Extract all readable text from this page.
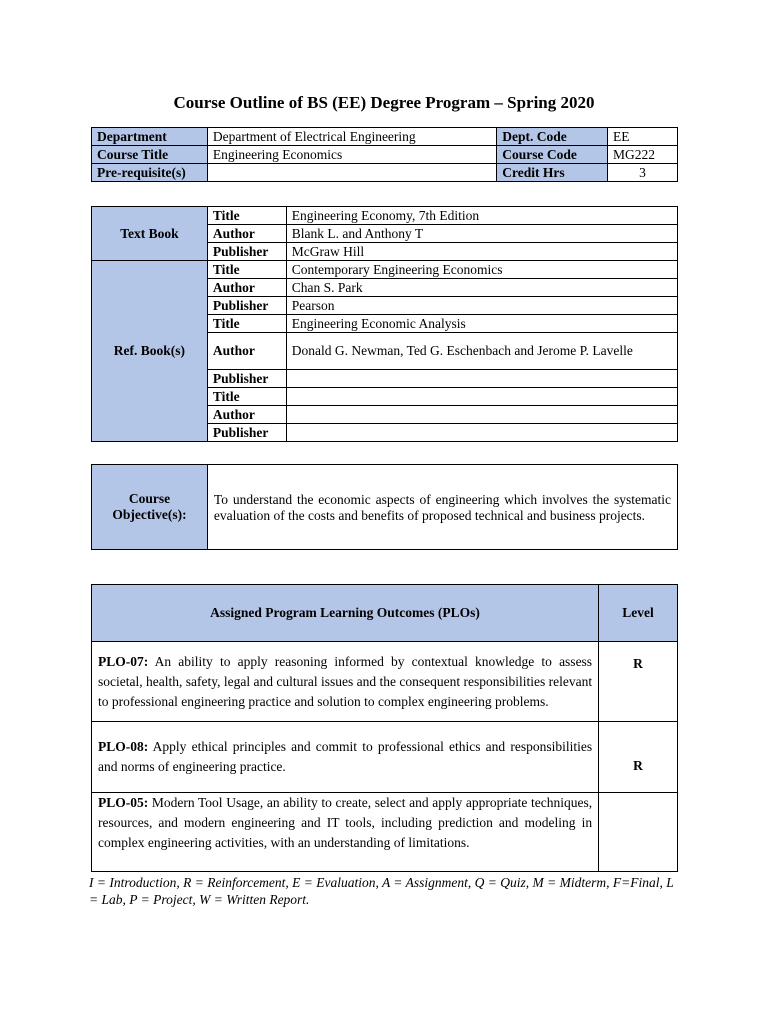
Course Outline of BS (EE) Degree Program – Spring 2020
Department	Department of Electrical Engineering	Dept. Code	EE
Course Title	Engineering Economics	Course Code	MG222
Pre-requisite(s)		Credit Hrs	3
Text Book	Title	Engineering Economy, 7th Edition
	Author	Blank L. and Anthony T
	Publisher	McGraw Hill
Ref. Book(s)	Title	Contemporary Engineering Economics
	Author	Chan S. Park
	Publisher	Pearson
	Title	Engineering Economic Analysis
	Author	Donald G. Newman, Ted G. Eschenbach and Jerome P. Lavelle
	Publisher	
	Title	
	Author	
	Publisher	
Course Objective(s):	To understand the economic aspects of engineering which involves the systematic evaluation of the costs and benefits of proposed technical and business projects.
Assigned Program Learning Outcomes (PLOs)	Level
PLO-07: An ability to apply reasoning informed by contextual knowledge to assess societal, health, safety, legal and cultural issues and the consequent responsibilities relevant to professional engineering practice and solution to complex engineering problems.	R
PLO-08: Apply ethical principles and commit to professional ethics and responsibilities and norms of engineering practice.	R
PLO-05: Modern Tool Usage, an ability to create, select and apply appropriate techniques, resources, and modern engineering and IT tools, including prediction and modeling in complex engineering activities, with an understanding of limitations.	

I = Introduction, R = Reinforcement, E = Evaluation, A = Assignment, Q = Quiz, M = Midterm, F=Final, L = Lab, P = Project, W = Written Report.
